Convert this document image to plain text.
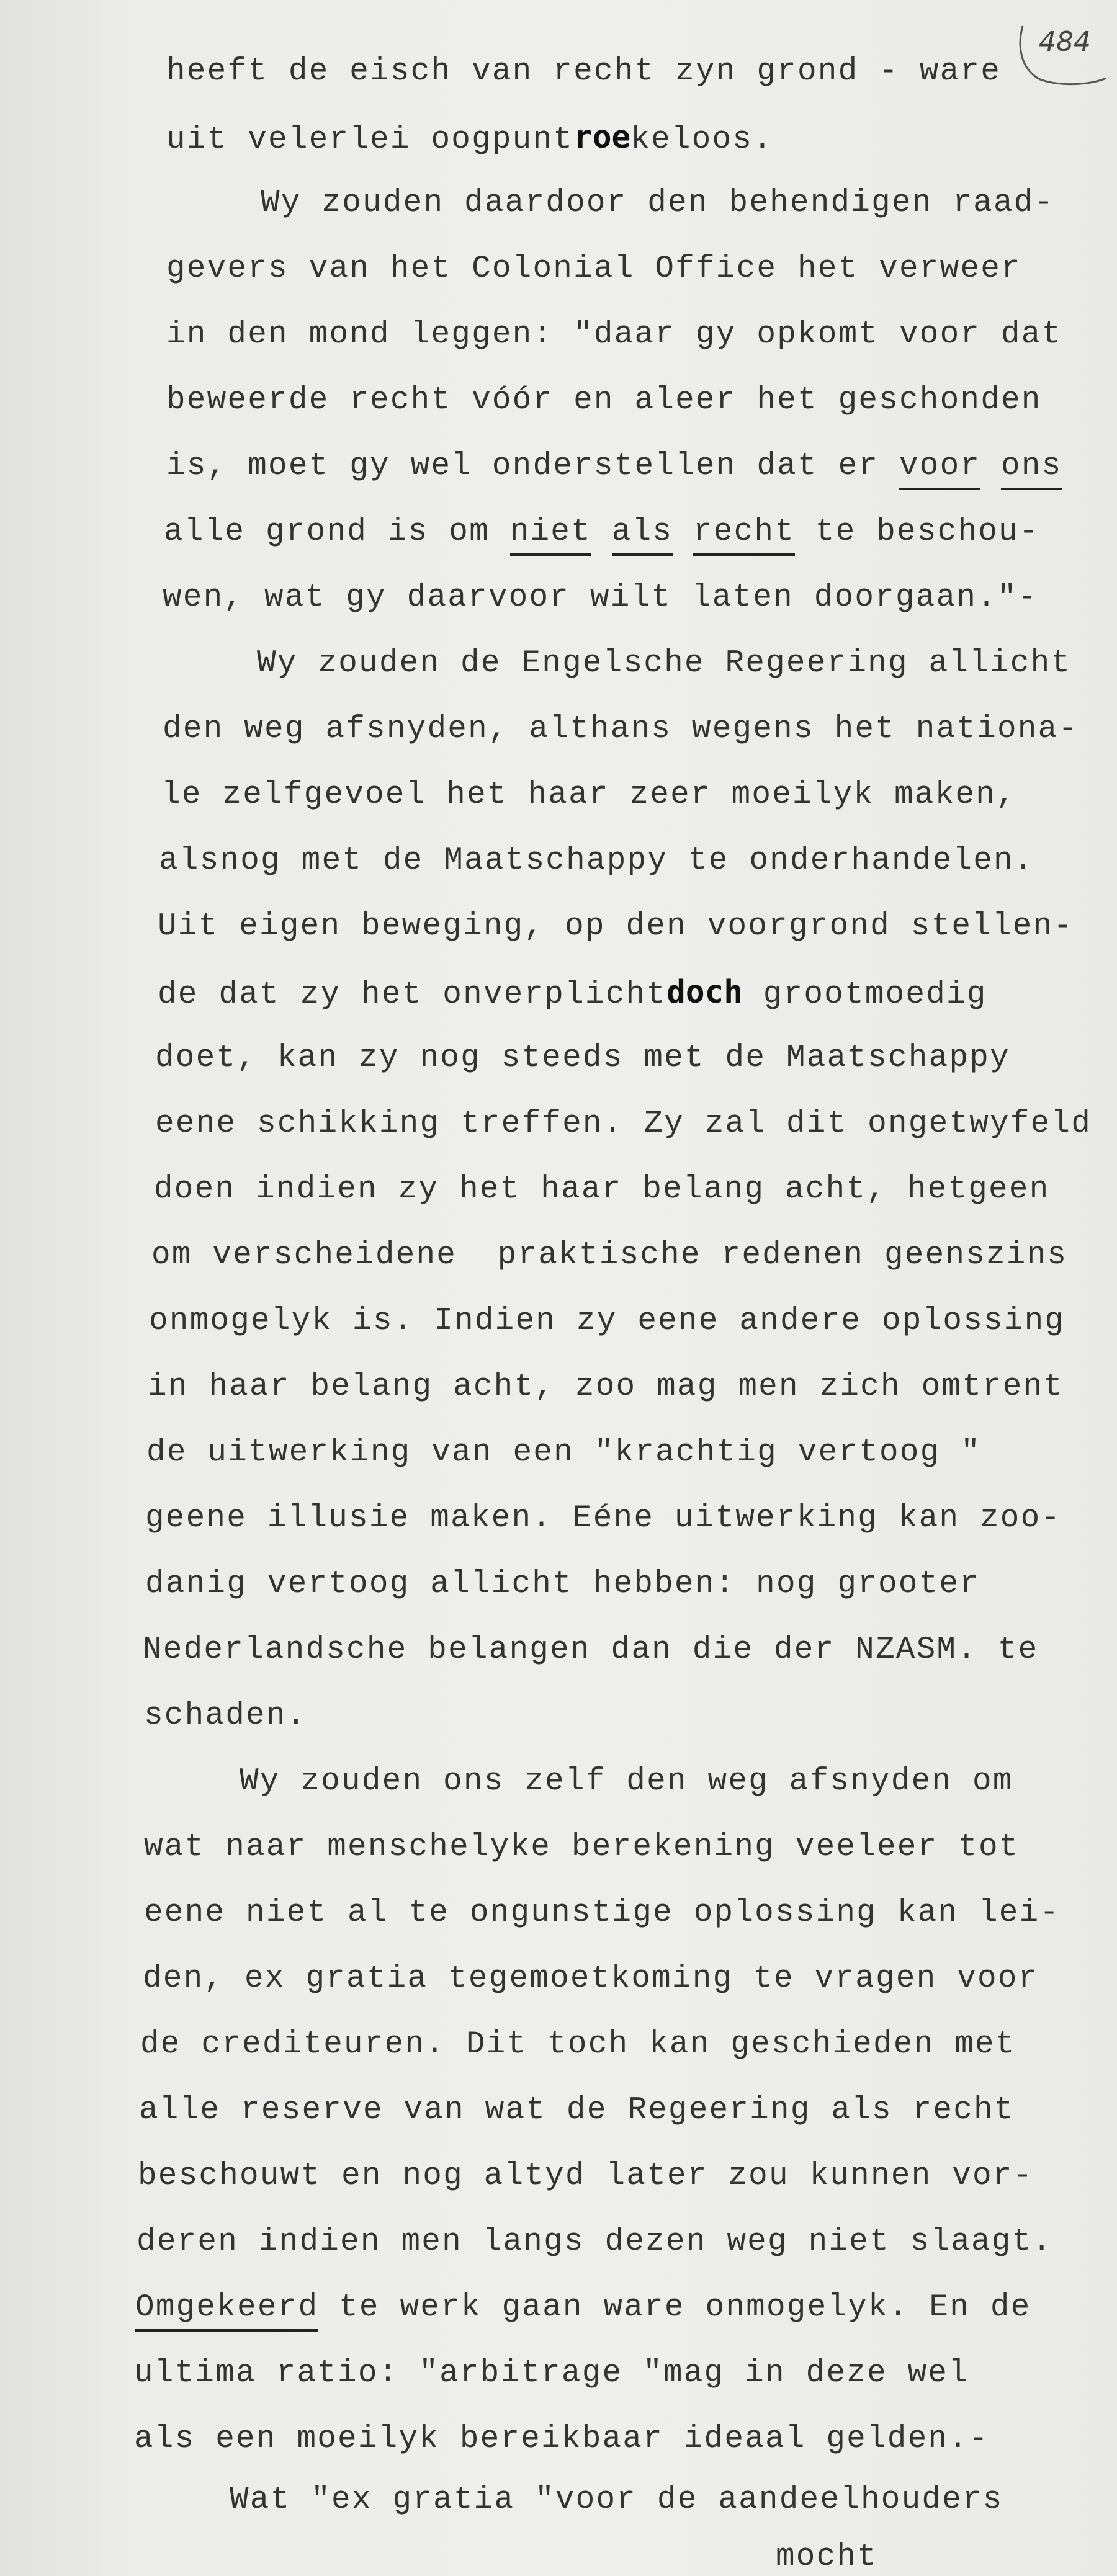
484
heeft de eisch van recht zyn grond - ware
uit velerlei oogpuntroekeloos.
Wy zouden daardoor den behendigen raad-
gevers van het Colonial Office het verweer
in den mond leggen: "daar gy opkomt voor dat
beweerde recht vóór en aleer het geschonden
is, moet gy wel onderstellen dat er voor ons
alle grond is om niet als recht te beschou-
wen, wat gy daarvoor wilt laten doorgaan."-
Wy zouden de Engelsche Regeering allicht
den weg afsnyden, althans wegens het nationa-
le zelfgevoel het haar zeer moeilyk maken,
alsnog met de Maatschappy te onderhandelen.
Uit eigen beweging, op den voorgrond stellen-
de dat zy het onverplichtdoch grootmoedig
doet, kan zy nog steeds met de Maatschappy
eene schikking treffen. Zy zal dit ongetwyfeld
doen indien zy het haar belang acht, hetgeen
om verscheidene  praktische redenen geenszins
onmogelyk is. Indien zy eene andere oplossing
in haar belang acht, zoo mag men zich omtrent
de uitwerking van een "krachtig vertoog "
geene illusie maken. Eéne uitwerking kan zoo-
danig vertoog allicht hebben: nog grooter
Nederlandsche belangen dan die der NZASM. te
schaden.
Wy zouden ons zelf den weg afsnyden om
wat naar menschelyke berekening veeleer tot
eene niet al te ongunstige oplossing kan lei-
den, ex gratia tegemoetkoming te vragen voor
de crediteuren. Dit toch kan geschieden met
alle reserve van wat de Regeering als recht
beschouwt en nog altyd later zou kunnen vor-
deren indien men langs dezen weg niet slaagt.
Omgekeerd te werk gaan ware onmogelyk. En de
ultima ratio: "arbitrage "mag in deze wel
als een moeilyk bereikbaar ideaal gelden.-
Wat "ex gratia "voor de aandeelhouders
mocht
